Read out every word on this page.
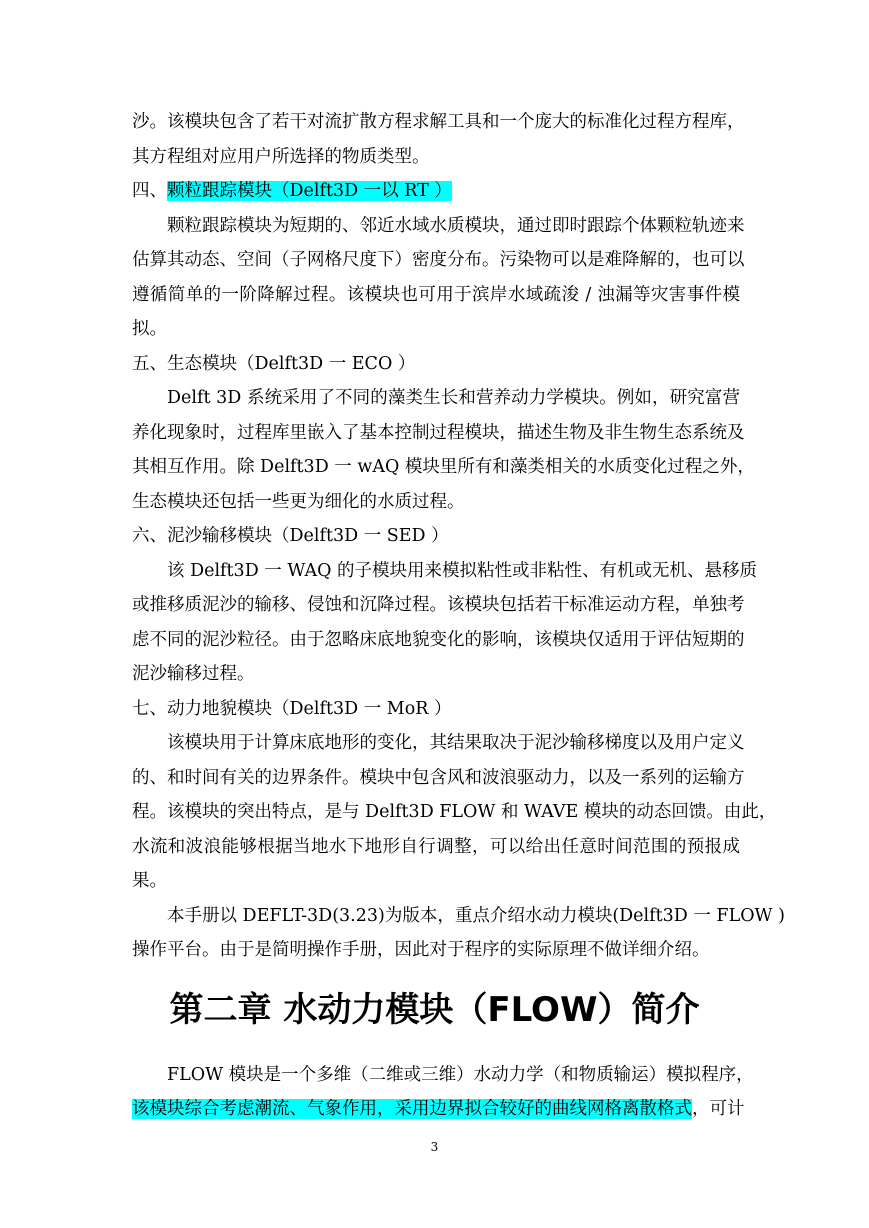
沙。该模块包含了若干对流扩散方程求解工具和一个庞大的标准化过程方程库，
其方程组对应用户所选择的物质类型。
四、颗粒跟踪模块（Delft3D 一以 RT ）
颗粒跟踪模块为短期的、邻近水域水质模块，通过即时跟踪个体颗粒轨迹来
估算其动态、空间（子网格尺度下）密度分布。污染物可以是难降解的，也可以
遵循简单的一阶降解过程。该模块也可用于滨岸水域疏浚 / 浊漏等灾害事件模
拟。
五、生态模块（Delft3D 一 ECO ）
Delft 3D 系统采用了不同的藻类生长和营养动力学模块。例如，研究富营
养化现象时，过程库里嵌入了基本控制过程模块，描述生物及非生物生态系统及
其相互作用。除 Delft3D 一 wAQ 模块里所有和藻类相关的水质变化过程之外，
生态模块还包括一些更为细化的水质过程。
六、泥沙输移模块（Delft3D 一 SED ）
该 Delft3D 一 WAQ 的子模块用来模拟粘性或非粘性、有机或无机、悬移质
或推移质泥沙的输移、侵蚀和沉降过程。该模块包括若干标准运动方程，单独考
虑不同的泥沙粒径。由于忽略床底地貌变化的影响，该模块仅适用于评估短期的
泥沙输移过程。
七、动力地貌模块（Delft3D 一 MoR ）
该模块用于计算床底地形的变化，其结果取决于泥沙输移梯度以及用户定义
的、和时间有关的边界条件。模块中包含风和波浪驱动力，以及一系列的运输方
程。该模块的突出特点，是与 Delft3D FLOW 和 WAVE 模块的动态回馈。由此，
水流和波浪能够根据当地水下地形自行调整，可以给出任意时间范围的预报成
果。
本手册以 DEFLT-3D(3.23)为版本，重点介绍水动力模块(Delft3D 一 FLOW )
操作平台。由于是简明操作手册，因此对于程序的实际原理不做详细介绍。
第二章 水动力模块（FLOW）简介
FLOW 模块是一个多维（二维或三维）水动力学（和物质输运）模拟程序，
该模块综合考虑潮流、气象作用，采用边界拟合较好的曲线网格离散格式，可计
3
